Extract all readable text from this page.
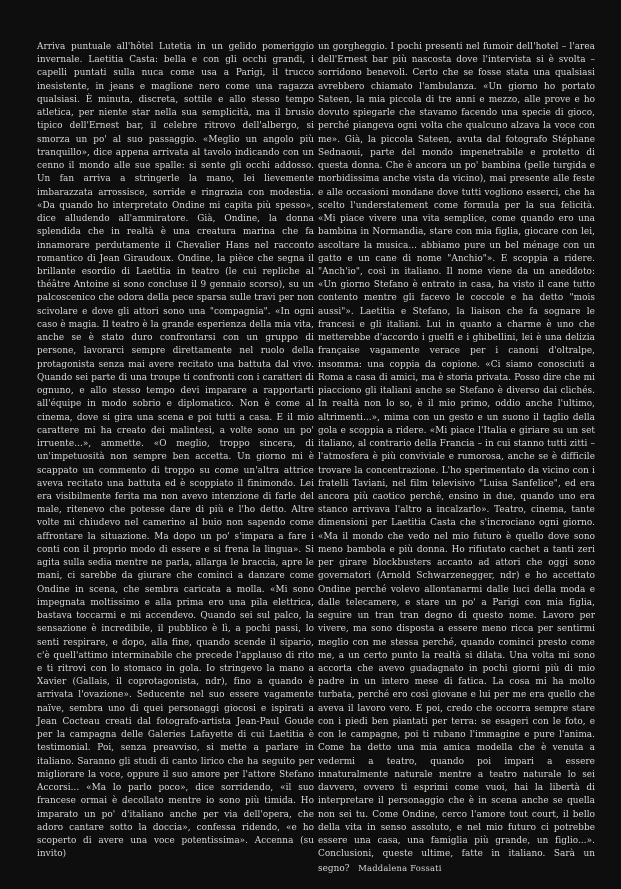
Arriva puntuale all'hôtel Lutetia in un gelido pomeriggio invernale. Laetitia Casta: bella e con gli occhi grandi, i capelli puntati sulla nuca come usa a Parigi, il trucco inesistente, in jeans e maglione nero come una ragazza qualsiasi. È minuta, discreta, sottile e allo stesso tempo atletica, per niente star nella sua semplicità, ma il brusio tipico dell'Ernest bar, il celebre ritrovo dell'albergo, si smorza un po' al suo passaggio. «Meglio un angolo più tranquillo», dice appena arrivata al tavolo indicando con un cenno il mondo alle sue spalle: si sente gli occhi addosso. Un fan arriva a stringerle la mano, lei lievemente imbarazzata arrossisce, sorride e ringrazia con modestia. «Da quando ho interpretato Ondine mi capita più spesso», dice alludendo all'ammiratore. Già, Ondine, la donna splendida che in realtà è una creatura marina che fa innamorare perdutamente il Chevalier Hans nel racconto romantico di Jean Giraudoux. Ondine, la pièce che segna il brillante esordio di Laetitia in teatro (le cui repliche al théâtre Antoine si sono concluse il 9 gennaio scorso), su un palcoscenico che odora della pece sparsa sulle travi per non scivolare e dove gli attori sono una "compagnia". «In ogni caso è magia. Il teatro è la grande esperienza della mia vita, anche se è stato duro confrontarsi con un gruppo di persone, lavorarci sempre direttamente nel ruolo della protagonista senza mai avere recitato una battuta dal vivo. Quando sei parte di una troupe ti confronti con i caratteri di ognuno, e allo stesso tempo devi imparare a rapportarti all'équipe in modo sobrio e diplomatico. Non è come al cinema, dove si gira una scena e poi tutti a casa. E il mio carattere mi ha creato dei malintesi, a volte sono un po' irruente...», ammette. «O meglio, troppo sincera, di un'impetuosità non sempre ben accetta. Un giorno mi è scappato un commento di troppo su come un'altra attrice aveva recitato una battuta ed è scoppiato il finimondo. Lei era visibilmente ferita ma non avevo intenzione di farle del male, ritenevo che potesse dare di più e l'ho detto. Altre volte mi chiudevo nel camerino al buio non sapendo come affrontare la situazione. Ma dopo un po' s'impara a fare i conti con il proprio modo di essere e si frena la lingua». Si agita sulla sedia mentre ne parla, allarga le braccia, apre le mani, ci sarebbe da giurare che cominci a danzare come Ondine in scena, che sembra caricata a molla. «Mi sono impegnata moltissimo e alla prima ero una pila elettrica, bastava toccarmi e mi accendevo. Quando sei sul palco, la sensazione è incredibile, il pubblico è lì, a pochi passi, lo senti respirare, e dopo, alla fine, quando scende il sipario, c'è quell'attimo interminabile che precede l'applauso di rito e ti ritrovi con lo stomaco in gola. Io stringevo la mano a Xavier (Gallais, il coprotagonista, ndr), fino a quando è arrivata l'ovazione». Seducente nel suo essere vagamente naïve, sembra uno di quei personaggi giocosi e ispirati a Jean Cocteau creati dal fotografo-artista Jean-Paul Goude per la campagna delle Galeries Lafayette di cui Laetitia è testimonial. Poi, senza preavviso, si mette a parlare in italiano. Saranno gli studi di canto lirico che ha seguito per migliorare la voce, oppure il suo amore per l'attore Stefano Accorsi... «Ma lo parlo poco», dice sorridendo, «il suo francese ormai è decollato mentre io sono più timida. Ho imparato un po' d'italiano anche per via dell'opera, che adoro cantare sotto la doccia», confessa ridendo, «e ho scoperto di avere una voce potentissima». Accenna (su invito)

un gorgheggio. I pochi presenti nel fumoir dell'hotel – l'area dell'Ernest bar più nascosta dove l'intervista si è svolta – sorridono benevoli. Certo che se fosse stata una qualsiasi avrebbero chiamato l'ambulanza. «Un giorno ho portato Sateen, la mia piccola di tre anni e mezzo, alle prove e ho dovuto spiegarle che stavamo facendo una specie di gioco, perché piangeva ogni volta che qualcuno alzava la voce con me». Già, la piccola Sateen, avuta dal fotografo Stéphane Sednaoui, parte del mondo impenetrabile e protetto di questa donna. Che è ancora un po' bambina (pelle turgida e morbidissima anche vista da vicino), mai presente alle feste e alle occasioni mondane dove tutti vogliono esserci, che ha scelto l'understatement come formula per la sua felicità. «Mi piace vivere una vita semplice, come quando ero una bambina in Normandia, stare con mia figlia, giocare con lei, ascoltare la musica... abbiamo pure un bel ménage con un gatto e un cane di nome "Anchio"». E scoppia a ridere. "Anch'io", così in italiano. Il nome viene da un aneddoto: «Un giorno Stefano è entrato in casa, ha visto il cane tutto contento mentre gli facevo le coccole e ha detto "mois aussi"». Laetitia e Stefano, la liaison che fa sognare le francesi e gli italiani. Lui in quanto a charme è uno che metterebbe d'accordo i guelfi e i ghibellini, lei è una delizia française vagamente verace per i canoni d'oltralpe, insomma: una coppia da copione. «Ci siamo conosciuti a Roma a casa di amici, ma è storia privata. Posso dire che mi piacciono gli italiani anche se Stefano è diverso dai clichés. In realtà non lo so, è il mio primo, oddio anche l'ultimo, altrimenti...», mima con un gesto e un suono il taglio della gola e scoppia a ridere. «Mi piace l'Italia e giriare su un set italiano, al contrario della Francia – in cui stanno tutti zitti – l'atmosfera è più conviviale e rumorosa, anche se è difficile trovare la concentrazione. L'ho sperimentato da vicino con i fratelli Taviani, nel film televisivo "Luisa Sanfelice", ed era ancora più caotico perché, ensino in due, quando uno era stanco arrivava l'altro a incalzarlo». Teatro, cinema, tante dimensioni per Laetitia Casta che s'incrociano ogni giorno. «Ma il mondo che vedo nel mio futuro è quello dove sono meno bambola e più donna. Ho rifiutato cachet a tanti zeri per girare blockbusters accanto ad attori che oggi sono governatori (Arnold Schwarzenegger, ndr) e ho accettato Ondine perché volevo allontanarmi dalle luci della moda e dalle telecamere, e stare un po' a Parigi con mia figlia, seguire un tran tran degno di questo nome. Lavoro per vivere, ma sono disposta a essere meno ricca per sentirmi meglio con me stessa perché, quando cominci presto come me, a un certo punto la realtà si dilata. Una volta mi sono accorta che avevo guadagnato in pochi giorni più di mio padre in un intero mese di fatica. La cosa mi ha molto turbata, perché ero così giovane e lui per me era quello che aveva il lavoro vero. E poi, credo che occorra sempre stare con i piedi ben piantati per terra: se esageri con le foto, e con le campagne, poi ti rubano l'immagine e pure l'anima. Come ha detto una mia amica modella che è venuta a vedermi a teatro, quando poi impari a essere innaturalmente naturale mentre a teatro naturale lo sei davvero, ovvero ti esprimi come vuoi, hai la libertà di interpretare il personaggio che è in scena anche se quella non sei tu. Come Ondine, cerco l'amore tout court, il bello della vita in senso assoluto, e nel mio futuro ci potrebbe essere una casa, una famiglia più grande, un figlio...». Conclusioni, queste ultime, fatte in italiano. Sarà un segno? Maddalena Fossati
